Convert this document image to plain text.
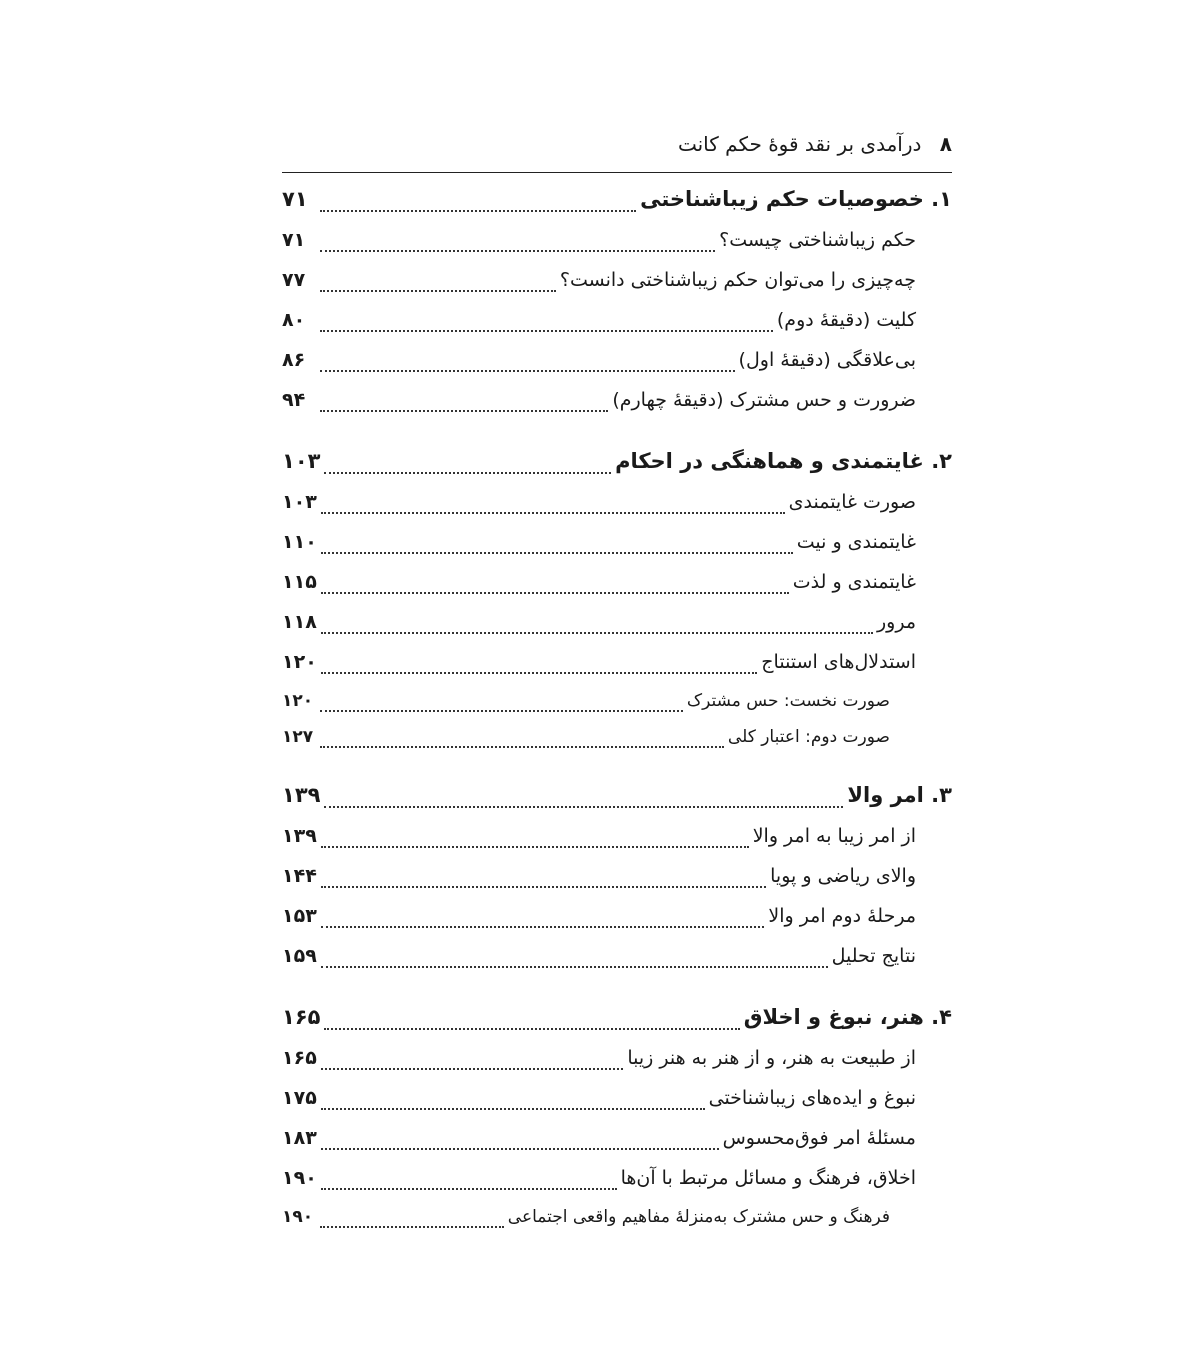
۸ درآمدی بر نقد قوهٔ حکم کانت
۱. خصوصیات حکم زیباشناختی
۷۱
حکم زیباشناختی چیست؟
۷۱
چه‌چیزی را می‌توان حکم زیباشناختی دانست؟
۷۷
کلیت (دقیقهٔ دوم)
۸۰
بی‌علاقگی (دقیقهٔ اول)
۸۶
ضرورت و حس مشترک (دقیقهٔ چهارم)
۹۴
۲. غایتمندی و هماهنگی در احکام
۱۰۳
صورت غایتمندی
۱۰۳
غایتمندی و نیت
۱۱۰
غایتمندی و لذت
۱۱۵
مرور
۱۱۸
استدلال‌های استنتاج
۱۲۰
صورت نخست: حس مشترک
۱۲۰
صورت دوم: اعتبار کلی
۱۲۷
۳. امر والا
۱۳۹
از امر زیبا به امر والا
۱۳۹
والای ریاضی و پویا
۱۴۴
مرحلهٔ دوم امر والا
۱۵۳
نتایج تحلیل
۱۵۹
۴. هنر، نبوغ و اخلاق
۱۶۵
از طبیعت به هنر، و از هنر به هنر زیبا
۱۶۵
نبوغ و ایده‌های زیباشناختی
۱۷۵
مسئلهٔ امر فوق‌محسوس
۱۸۳
اخلاق، فرهنگ و مسائل مرتبط با آن‌ها
۱۹۰
فرهنگ و حس مشترک به‌منزلهٔ مفاهیم واقعی اجتماعی
۱۹۰
